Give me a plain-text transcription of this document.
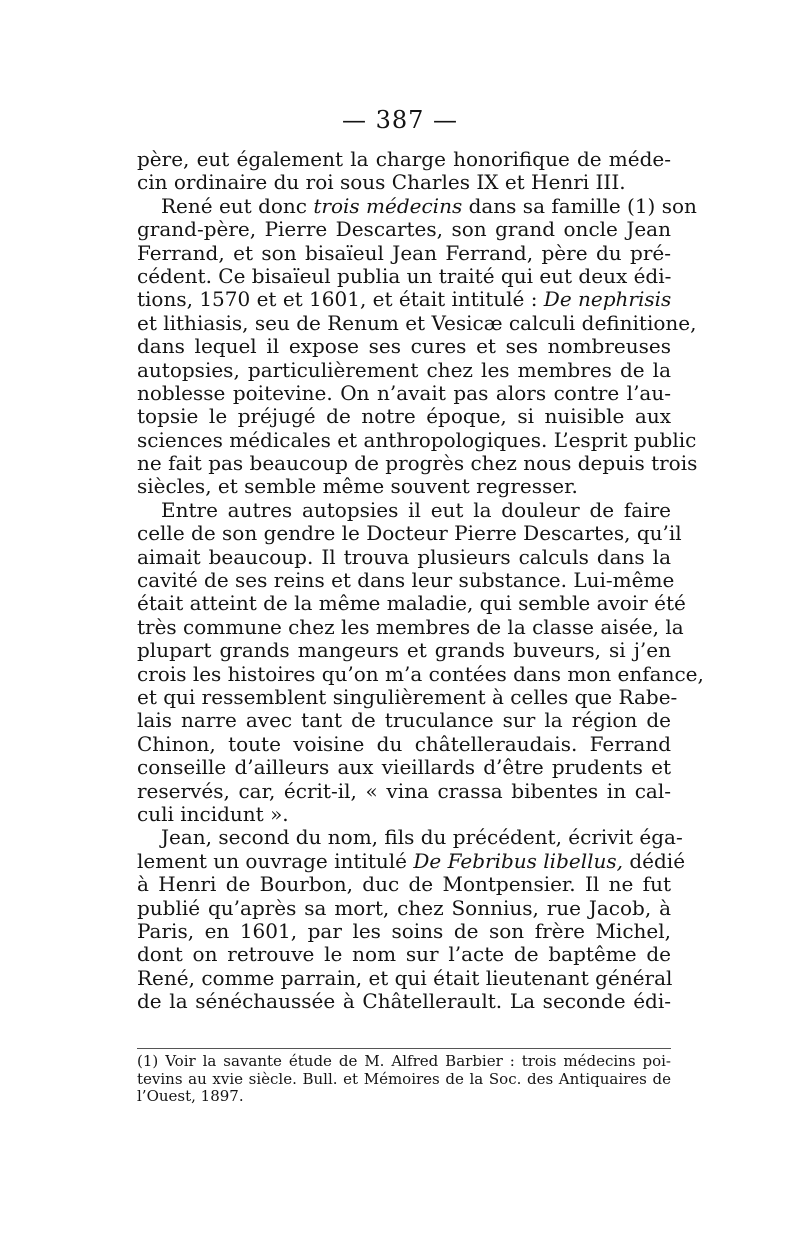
— 387 —
père, eut également la charge honorifique de méde-
cin ordinaire du roi sous Charles IX et Henri III.
René eut donc trois médecins dans sa famille (1) son
grand-père, Pierre Descartes, son grand oncle Jean
Ferrand, et son bisaïeul Jean Ferrand, père du pré-
cédent. Ce bisaïeul publia un traité qui eut deux édi-
tions, 1570 et et 1601, et était intitulé : De nephrisis
et lithiasis, seu de Renum et Vesicæ calculi definitione,
dans lequel il expose ses cures et ses nombreuses
autopsies, particulièrement chez les membres de la
noblesse poitevine. On n’avait pas alors contre l’au-
topsie le préjugé de notre époque, si nuisible aux
sciences médicales et anthropologiques. L’esprit public
ne fait pas beaucoup de progrès chez nous depuis trois
siècles, et semble même souvent regresser.
Entre autres autopsies il eut la douleur de faire
celle de son gendre le Docteur Pierre Descartes, qu’il
aimait beaucoup. Il trouva plusieurs calculs dans la
cavité de ses reins et dans leur substance. Lui-même
était atteint de la même maladie, qui semble avoir été
très commune chez les membres de la classe aisée, la
plupart grands mangeurs et grands buveurs, si j’en
crois les histoires qu’on m’a contées dans mon enfance,
et qui ressemblent singulièrement à celles que Rabe-
lais narre avec tant de truculance sur la région de
Chinon, toute voisine du châtelleraudais. Ferrand
conseille d’ailleurs aux vieillards d’être prudents et
reservés, car, écrit-il, « vina crassa bibentes in cal-
culi incidunt ».
Jean, second du nom, fils du précédent, écrivit éga-
lement un ouvrage intitulé De Febribus libellus, dédié
à Henri de Bourbon, duc de Montpensier. Il ne fut
publié qu’après sa mort, chez Sonnius, rue Jacob, à
Paris, en 1601, par les soins de son frère Michel,
dont on retrouve le nom sur l’acte de baptême de
René, comme parrain, et qui était lieutenant général
de la sénéchaussée à Châtellerault. La seconde édi-
(1) Voir la savante étude de M. Alfred Barbier : trois médecins poi-
tevins au xvie siècle. Bull. et Mémoires de la Soc. des Antiquaires de
l’Ouest, 1897.
